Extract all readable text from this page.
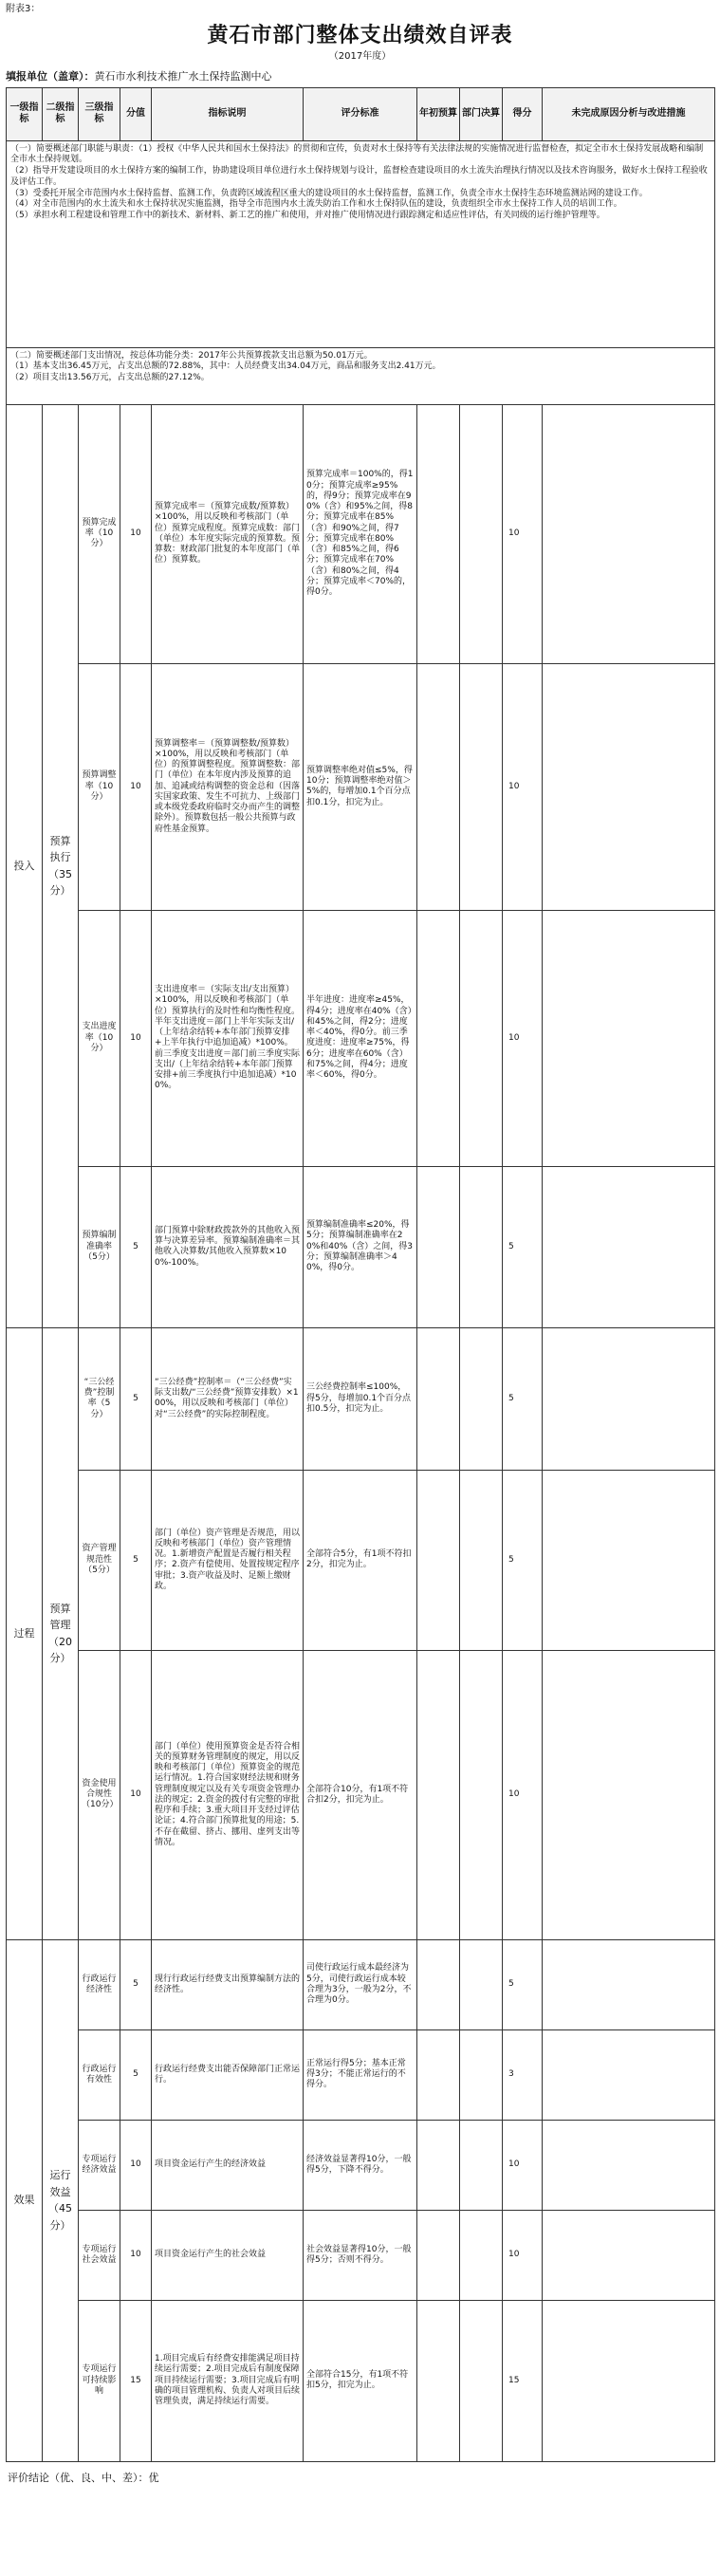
附表3：
黄石市部门整体支出绩效自评表
（2017年度）
填报单位（盖章）：黄石市水利技术推广水土保持监测中心
一级指标	二级指标	三级指标	分值	指标说明	评分标准	年初预算	部门决算	得分	未完成原因分析与改进措施

（一）简要概述部门职能与职责：（1）授权《中华人民共和国水土保持法》的贯彻和宣传，负责对水土保持等有关法律法规的实施情况进行监督检查，拟定全市水土保持发展战略和编制全市水土保持规划。

（2）指导开发建设项目的水土保持方案的编制工作，协助建设项目单位进行水土保持规划与设计，监督检查建设项目的水土流失治理执行情况以及技术咨询服务，做好水土保持工程验收及评估工作。

（3）受委托开展全市范围内水土保持监督、监测工作，负责跨区域流程区重大的建设项目的水土保持监督，监测工作，负责全市水土保持生态环境监测站网的建设工作。

（4）对全市范围内的水土流失和水土保持状况实施监测，指导全市范围内水土流失防治工作和水土保持队伍的建设，负责组织全市水土保持工作人员的培训工作。

（5）承担水利工程建设和管理工作中的新技术、新材料、新工艺的推广和使用，并对推广使用情况进行跟踪测定和适应性评估，有关同级的运行维护管理等。									

（二）简要概述部门支出情况，按总体功能分类：2017年公共预算拨款支出总额为50.01万元。

（1）基本支出36.45万元，占支出总额的72.88%，其中：人员经费支出34.04万元，商品和服务支出2.41万元。

（2）项目支出13.56万元，占支出总额的27.12%。									

投入	预算执行（35分）	预算完成率（10分）	10	预算完成率＝（预算完成数/预算数）×100%，用以反映和考核部门（单位）预算完成程度。预算完成数：部门（单位）本年度实际完成的预算数。预算数：财政部门批复的本年度部门（单位）预算数。	预算完成率＝100%的，得10分；预算完成率≥95%的，得9分；预算完成率在90%（含）和95%之间，得8分；预算完成率在85%（含）和90%之间，得7分；预算完成率在80%（含）和85%之间，得6分；预算完成率在70%（含）和80%之间，得4分；预算完成率＜70%的，得0分。			10	
		预算调整率（10分）	10	预算调整率＝（预算调整数/预算数）×100%，用以反映和考核部门（单位）的预算调整程度。预算调整数：部门（单位）在本年度内涉及预算的追加、追减或结构调整的资金总和（因落实国家政策、发生不可抗力、上级部门或本级党委政府临时交办而产生的调整除外）。预算数包括一般公共预算与政府性基金预算。	预算调整率绝对值≤5%，得10分；预算调整率绝对值＞5%的，每增加0.1个百分点扣0.1分，扣完为止。			10	
		支出进度率（10分）	10	支出进度率＝（实际支出/支出预算）×100%，用以反映和考核部门（单位）预算执行的及时性和均衡性程度。半年支出进度＝部门上半年实际支出/（上年结余结转+本年部门预算安排+上半年执行中追加追减）*100%。前三季度支出进度＝部门前三季度实际支出/（上年结余结转+本年部门预算安排+前三季度执行中追加追减）*100%。	半年进度：进度率≥45%，得4分；进度率在40%（含）和45%之间，得2分；进度率＜40%，得0分。前三季度进度：进度率≥75%，得6分；进度率在60%（含）和75%之间，得4分；进度率＜60%，得0分。			10	
		预算编制准确率（5分）	5	部门预算中除财政拨款外的其他收入预算与决算差异率。预算编制准确率＝其他收入决算数/其他收入预算数×100%-100%。	预算编制准确率≤20%，得5分；预算编制准确率在20%和40%（含）之间，得3分；预算编制准确率＞40%，得0分。			5	
过程	预算管理（20分）	“三公经费”控制率（5分）	5	“三公经费”控制率＝（“三公经费”实际支出数/“三公经费”预算安排数）×100%，用以反映和考核部门（单位）对“三公经费”的实际控制程度。	三公经费控制率≤100%，得5分，每增加0.1个百分点扣0.5分，扣完为止。			5	
		资产管理规范性（5分）	5	部门（单位）资产管理是否规范，用以反映和考核部门（单位）资产管理情况。1.新增资产配置是否履行相关程序；2.资产有偿使用、处置按规定程序审批；3.资产收益及时、足额上缴财政。	全部符合5分，有1项不符扣2分，扣完为止。			5	
		资金使用合规性（10分）	10	部门（单位）使用预算资金是否符合相关的预算财务管理制度的规定，用以反映和考核部门（单位）预算资金的规范运行情况。1.符合国家财经法规和财务管理制度规定以及有关专项资金管理办法的规定；2.资金的拨付有完整的审批程序和手续；3.重大项目开支经过评估论证；4.符合部门预算批复的用途；5.不存在截留、挤占、挪用、虚列支出等情况。	全部符合10分，有1项不符合扣2分，扣完为止。			10	
效果	运行效益（45分）	行政运行经济性	5	现行行政运行经费支出预算编制方法的经济性。	司使行政运行成本最经济为5分，司使行政运行成本较合理为3分，一般为2分，不合理为0分。			5	
		行政运行有效性	5	行政运行经费支出能否保障部门正常运行。	正常运行得5分；基本正常得3分；不能正常运行的不得分。			3	
		专项运行经济效益	10	项目资金运行产生的经济效益	经济效益显著得10分，一般得5分，下降不得分。			10	
		专项运行社会效益	10	项目资金运行产生的社会效益	社会效益显著得10分，一般得5分；否则不得分。			10	
		专项运行可持续影响	15	1.项目完成后有经费安排能满足项目持续运行需要；2.项目完成后有制度保障项目持续运行需要；3.项目完成后有明确的项目管理机构、负责人对项目后续管理负责，满足持续运行需要。	全部符合15分，有1项不符扣5分，扣完为止。			15	
评价结论（优、良、中、差）：优
